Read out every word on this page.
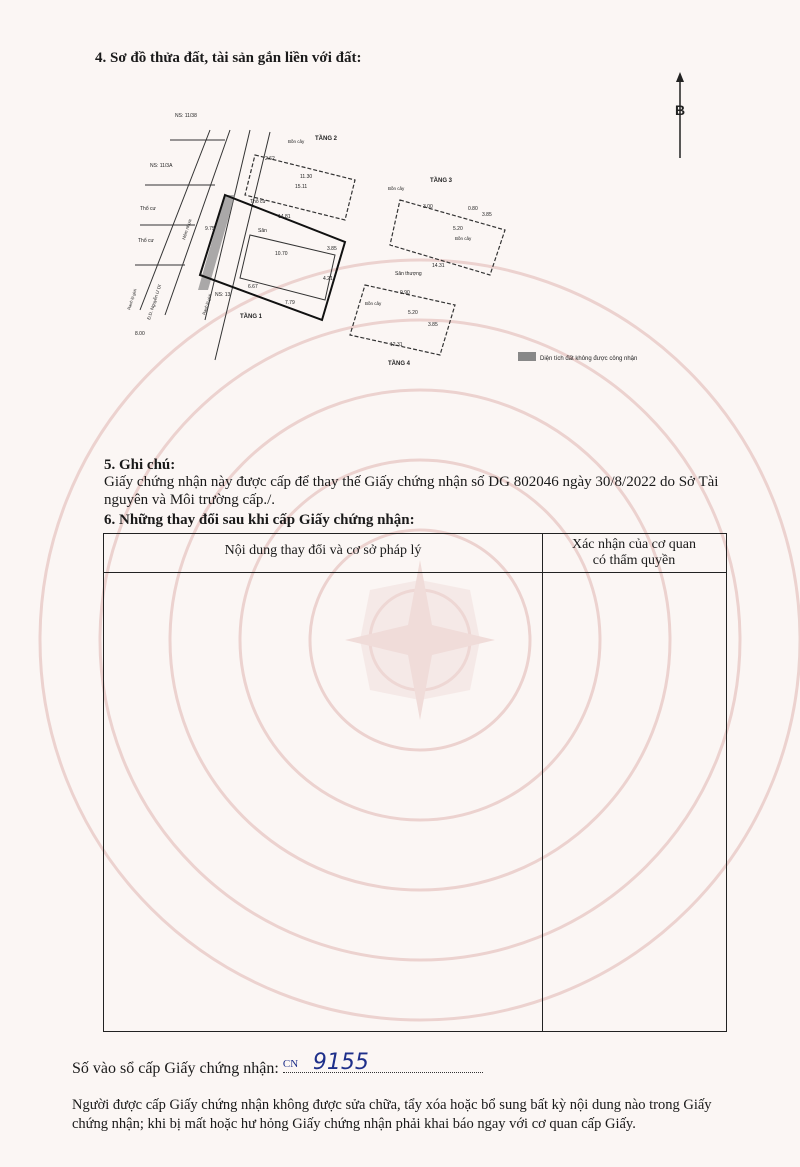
4. Sơ đồ thửa đất, tài sản gắn liền với đất:
B
TẦNG 2
TẦNG 3
TẦNG 1
TẦNG 4
NS: 11/38
NS: 11/3A
NS: 13
Thổ cư
Thổ cư
Thổ cư
Sân
Sân thượng
Bồn cây
Bồn cây
Bồn cây
Bồn cây
Hẻm nhựa
Ranh lộ giới	Ranh lộ giới
Đ.D. Nguyễn Ư Dĩ
14.81
10.70
15.11
11.30
3.85
9.75
8.00
6.67
7.79
14.31
12.31
9.90
5.20
3.00
2.62
0.80
3.85
5.20
3.85
4.21
Diện tích đất không được công nhận
5. Ghi chú:
Giấy chứng nhận này được cấp để thay thế Giấy chứng nhận số DG 802046 ngày 30/8/2022 do Sở Tài nguyên và Môi trường cấp./.
6. Những thay đổi sau khi cấp Giấy chứng nhận:
Nội dung thay đổi và cơ sở pháp lý	Xác nhận của cơ quan
có thẩm quyền
Số vào sổ cấp Giấy chứng nhận: CN 9155
Người được cấp Giấy chứng nhận không được sửa chữa, tẩy xóa hoặc bổ sung bất kỳ nội dung nào trong Giấy chứng nhận; khi bị mất hoặc hư hỏng Giấy chứng nhận phải khai báo ngay với cơ quan cấp Giấy.
